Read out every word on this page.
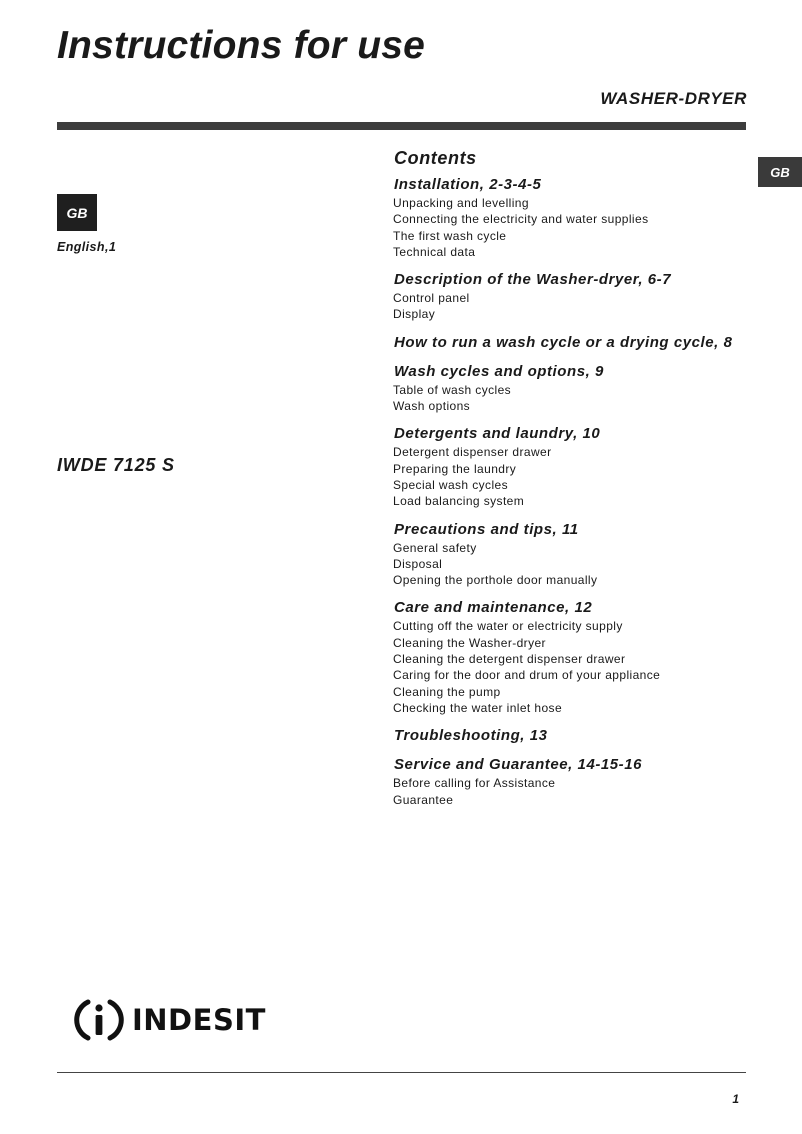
Instructions for use
WASHER-DRYER
GB
GB
English,1
IWDE 7125 S
Contents
Installation, 2-3-4-5
Unpacking and levelling
Connecting the electricity and water supplies
The first wash cycle
Technical data
Description of the Washer-dryer, 6-7
Control panel
Display
How to run a wash cycle or a drying cycle, 8
Wash cycles and options, 9
Table of wash cycles
Wash options
Detergents and laundry, 10
Detergent dispenser drawer
Preparing the laundry
Special wash cycles
Load balancing system
Precautions and tips, 11
General safety
Disposal
Opening the porthole door manually
Care and maintenance, 12
Cutting off the water or electricity supply
Cleaning the Washer-dryer
Cleaning the detergent dispenser drawer
Caring for the door and drum of your appliance
Cleaning the pump
Checking the water inlet hose
Troubleshooting, 13
Service and Guarantee, 14-15-16
Before calling for Assistance
Guarantee
INDESIT
1
